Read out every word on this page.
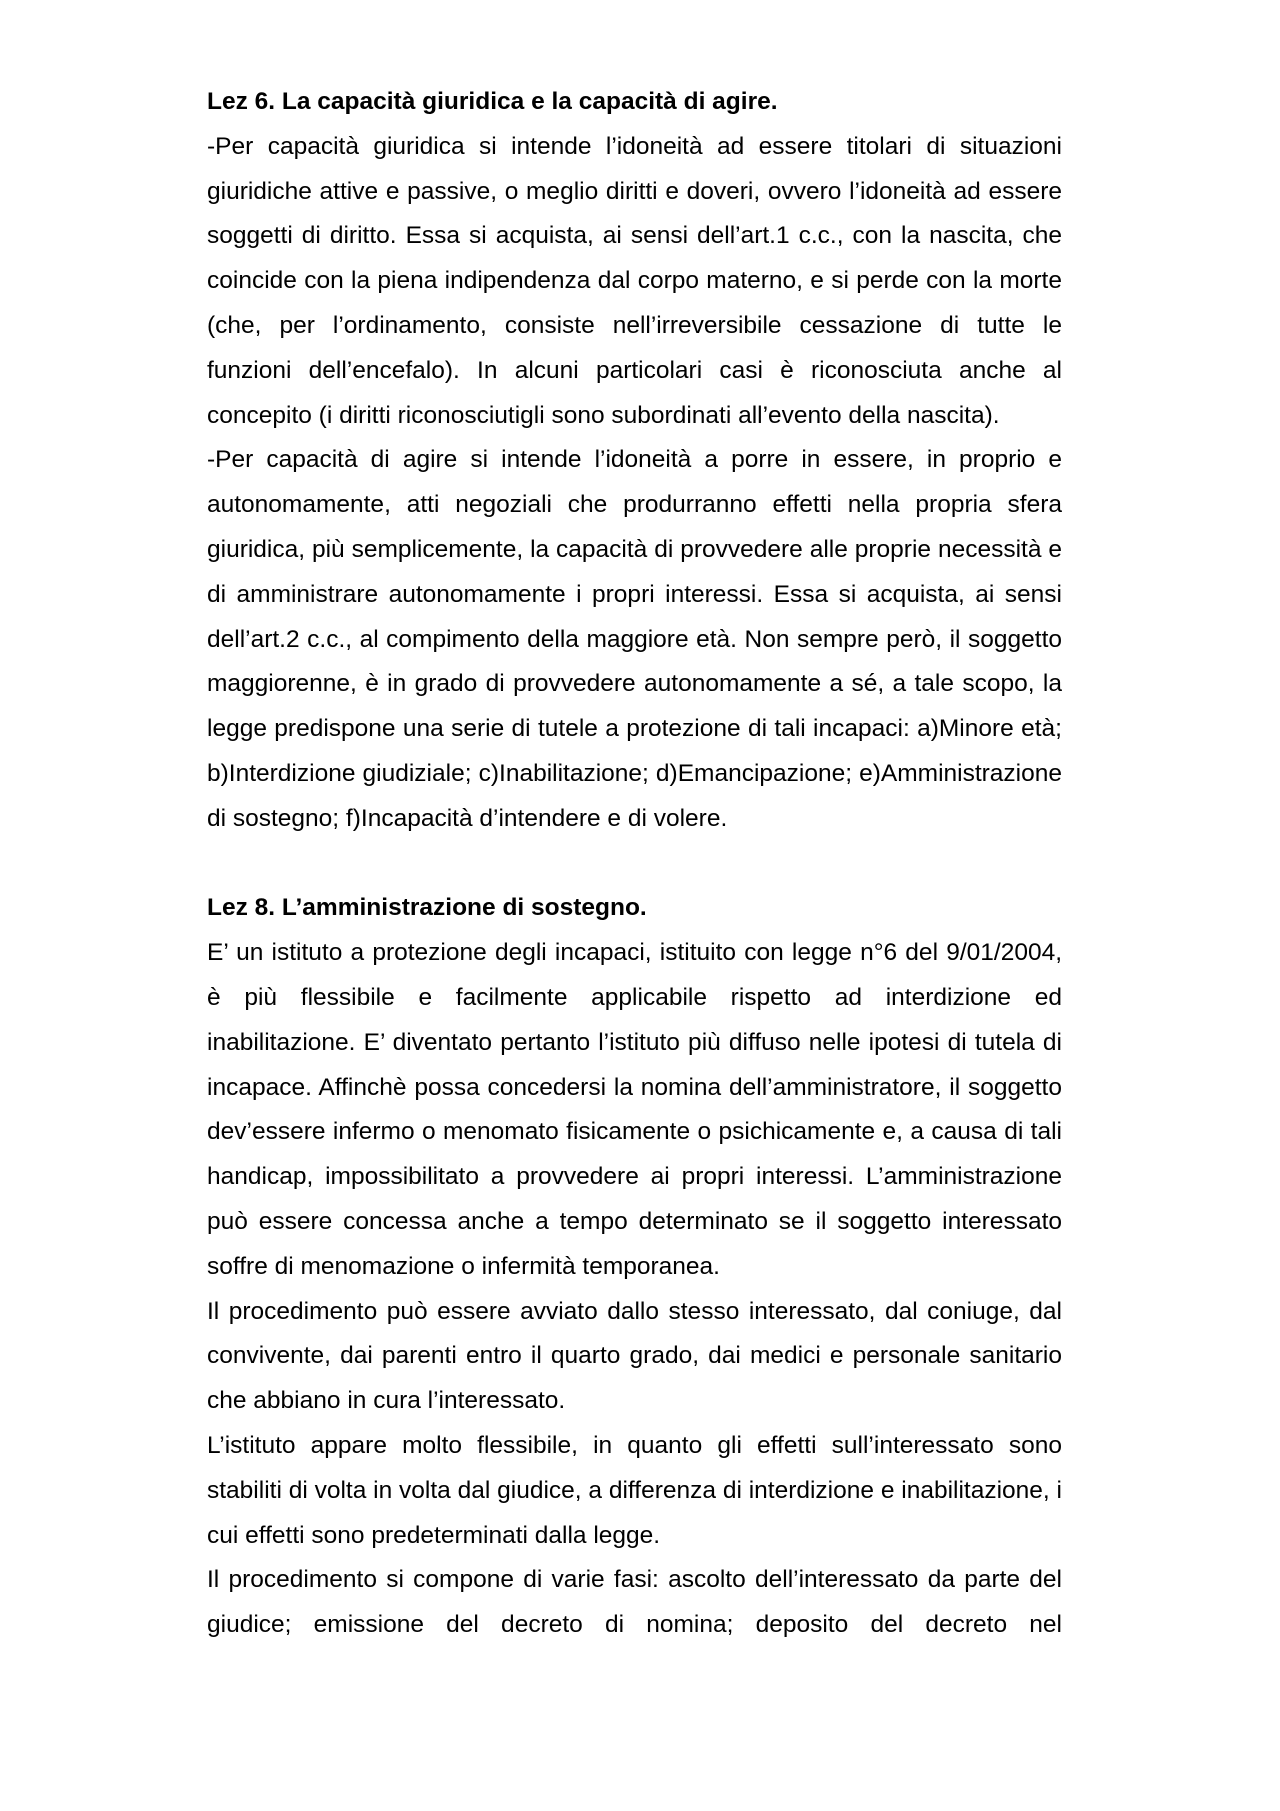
Lez 6. La capacità giuridica e la capacità di agire.

-Per capacità giuridica si intende l’idoneità ad essere titolari di situazioni giuridiche attive e passive, o meglio diritti e doveri, ovvero l’idoneità ad essere soggetti di diritto. Essa si acquista, ai sensi dell’art.1 c.c., con la nascita, che coincide con la piena indipendenza dal corpo materno, e si perde con la morte (che, per l’ordinamento, consiste nell’irreversibile cessazione di tutte le funzioni dell’encefalo). In alcuni particolari casi è riconosciuta anche al concepito (i diritti riconosciutigli sono subordinati all’evento della nascita).

-Per capacità di agire si intende l’idoneità a porre in essere, in proprio e autonomamente, atti negoziali che produrranno effetti nella propria sfera giuridica, più semplicemente, la capacità di provvedere alle proprie necessità e di amministrare autonomamente i propri interessi. Essa si acquista, ai sensi dell’art.2 c.c., al compimento della maggiore età. Non sempre però, il soggetto maggiorenne, è in grado di provvedere autonomamente a sé, a tale scopo, la legge predispone una serie di tutele a protezione di tali incapaci: a)Minore età; b)Interdizione giudiziale; c)Inabilitazione; d)Emancipazione; e)Amministrazione di sostegno; f)Incapacità d’intendere e di volere.

Lez 8. L’amministrazione di sostegno.

E’ un istituto a protezione degli incapaci, istituito con legge n°6 del 9/01/2004, è più flessibile e facilmente applicabile rispetto ad interdizione ed inabilitazione. E’ diventato pertanto l’istituto più diffuso nelle ipotesi di tutela di incapace. Affinchè possa concedersi la nomina dell’amministratore, il soggetto dev’essere infermo o menomato fisicamente o psichicamente e, a causa di tali handicap, impossibilitato a provvedere ai propri interessi. L’amministrazione può essere concessa anche a tempo determinato se il soggetto interessato soffre di menomazione o infermità temporanea.

Il procedimento può essere avviato dallo stesso interessato, dal coniuge, dal convivente, dai parenti entro il quarto grado, dai medici e personale sanitario che abbiano in cura l’interessato.

L’istituto appare molto flessibile, in quanto gli effetti sull’interessato sono stabiliti di volta in volta dal giudice, a differenza di interdizione e inabilitazione, i cui effetti sono predeterminati dalla legge.

Il procedimento si compone di varie fasi: ascolto dell’interessato da parte del giudice; emissione del decreto di nomina; deposito del decreto nel
